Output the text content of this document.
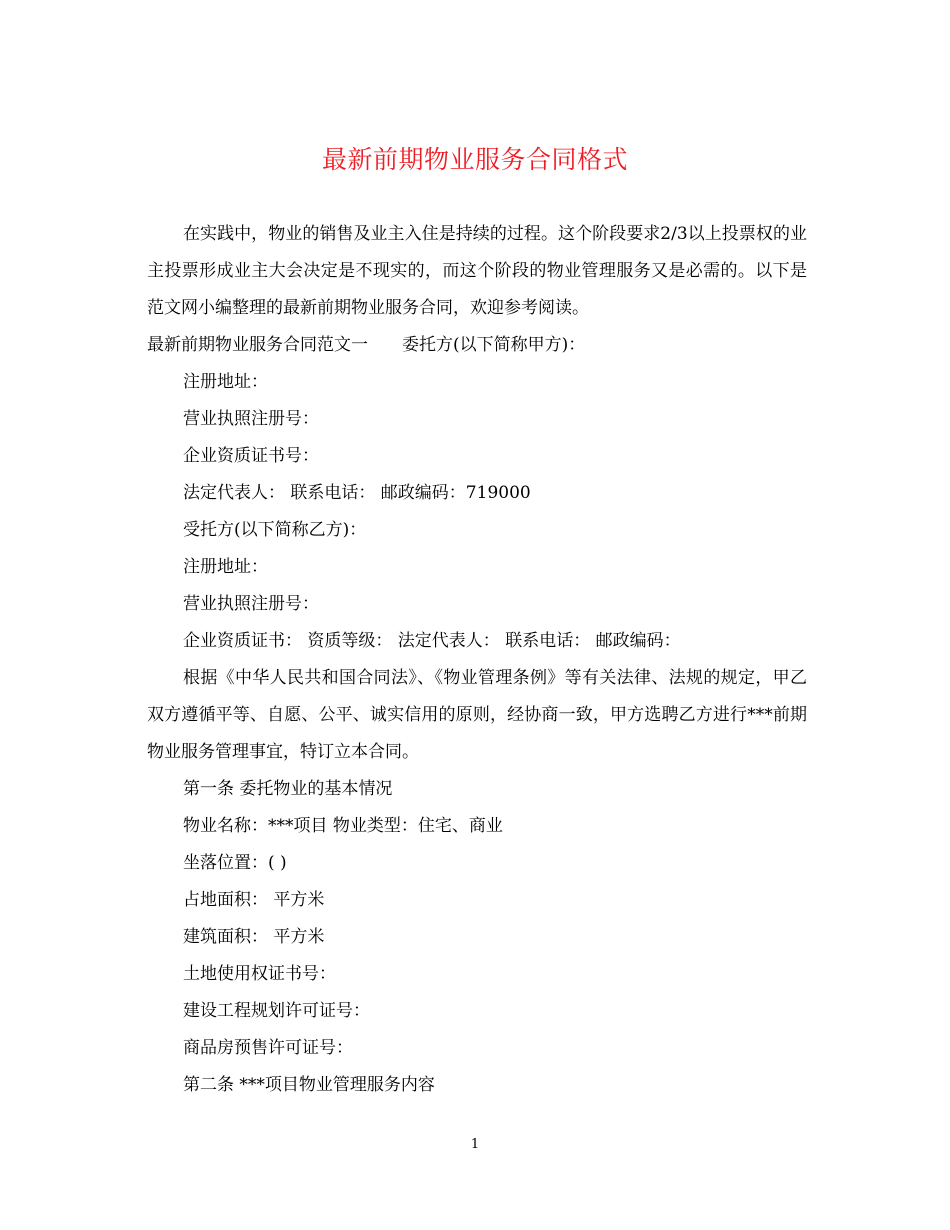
最新前期物业服务合同格式

在实践中，物业的销售及业主入住是持续的过程。这个阶段要求2/3以上投票权的业主投票形成业主大会决定是不现实的，而这个阶段的物业管理服务又是必需的。以下是范文网小编整理的最新前期物业服务合同，欢迎参考阅读。

最新前期物业服务合同范文一　　委托方(以下简称甲方)：

注册地址：

营业执照注册号：

企业资质证书号：

法定代表人： 联系电话： 邮政编码：719000

受托方(以下简称乙方)：

注册地址：

营业执照注册号：

企业资质证书： 资质等级： 法定代表人： 联系电话： 邮政编码：

根据《中华人民共和国合同法》、《物业管理条例》等有关法律、法规的规定，甲乙双方遵循平等、自愿、公平、诚实信用的原则，经协商一致，甲方选聘乙方进行***前期物业服务管理事宜，特订立本合同。

第一条 委托物业的基本情况

物业名称：***项目 物业类型：住宅、商业

坐落位置：( )

占地面积： 平方米

建筑面积： 平方米

土地使用权证书号：

建设工程规划许可证号：

商品房预售许可证号：

第二条 ***项目物业管理服务内容

1
